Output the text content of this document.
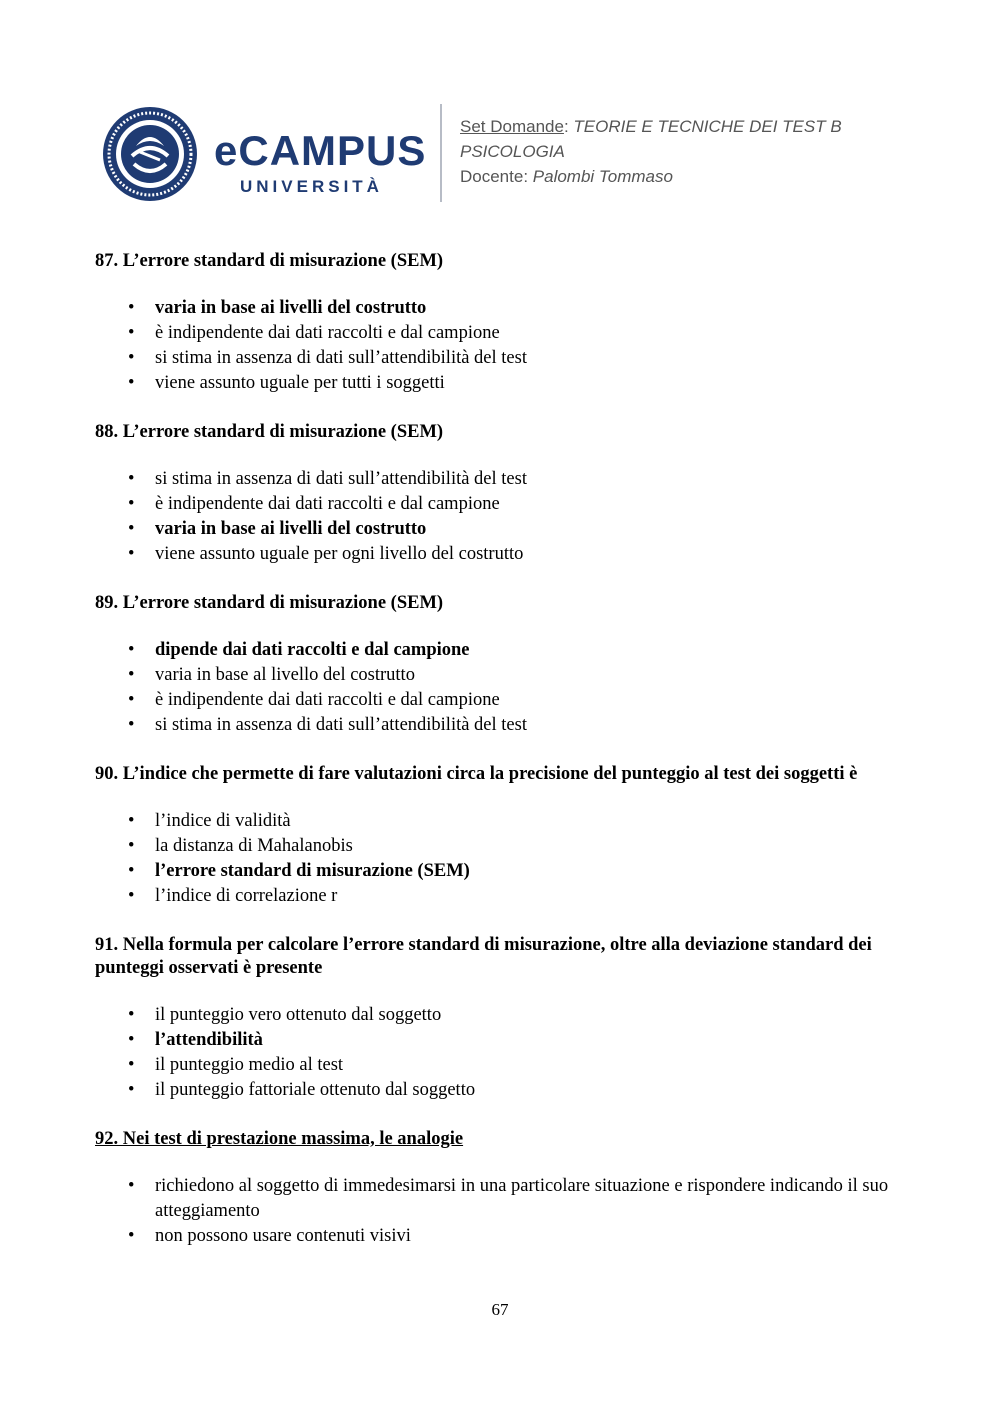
eCAMPUS
UNIVERSITÀ
Set Domande: TEORIE E TECNICHE DEI TEST B
PSICOLOGIA
Docente: Palombi Tommaso
87. L’errore standard di misurazione (SEM)
• varia in base ai livelli del costrutto
• è indipendente dai dati raccolti e dal campione
• si stima in assenza di dati sull’attendibilità del test
• viene assunto uguale per tutti i soggetti
88. L’errore standard di misurazione (SEM)
• si stima in assenza di dati sull’attendibilità del test
• è indipendente dai dati raccolti e dal campione
• varia in base ai livelli del costrutto
• viene assunto uguale per ogni livello del costrutto
89. L’errore standard di misurazione (SEM)
• dipende dai dati raccolti e dal campione
• varia in base al livello del costrutto
• è indipendente dai dati raccolti e dal campione
• si stima in assenza di dati sull’attendibilità del test
90. L’indice che permette di fare valutazioni circa la precisione del punteggio al test dei soggetti è
• l’indice di validità
• la distanza di Mahalanobis
• l’errore standard di misurazione (SEM)
• l’indice di correlazione r
91. Nella formula per calcolare l’errore standard di misurazione, oltre alla deviazione standard dei punteggi osservati è presente
• il punteggio vero ottenuto dal soggetto
• l’attendibilità
• il punteggio medio al test
• il punteggio fattoriale ottenuto dal soggetto
92. Nei test di prestazione massima, le analogie
• richiedono al soggetto di immedesimarsi in una particolare situazione e rispondere indicando il suo atteggiamento
• non possono usare contenuti visivi
67
